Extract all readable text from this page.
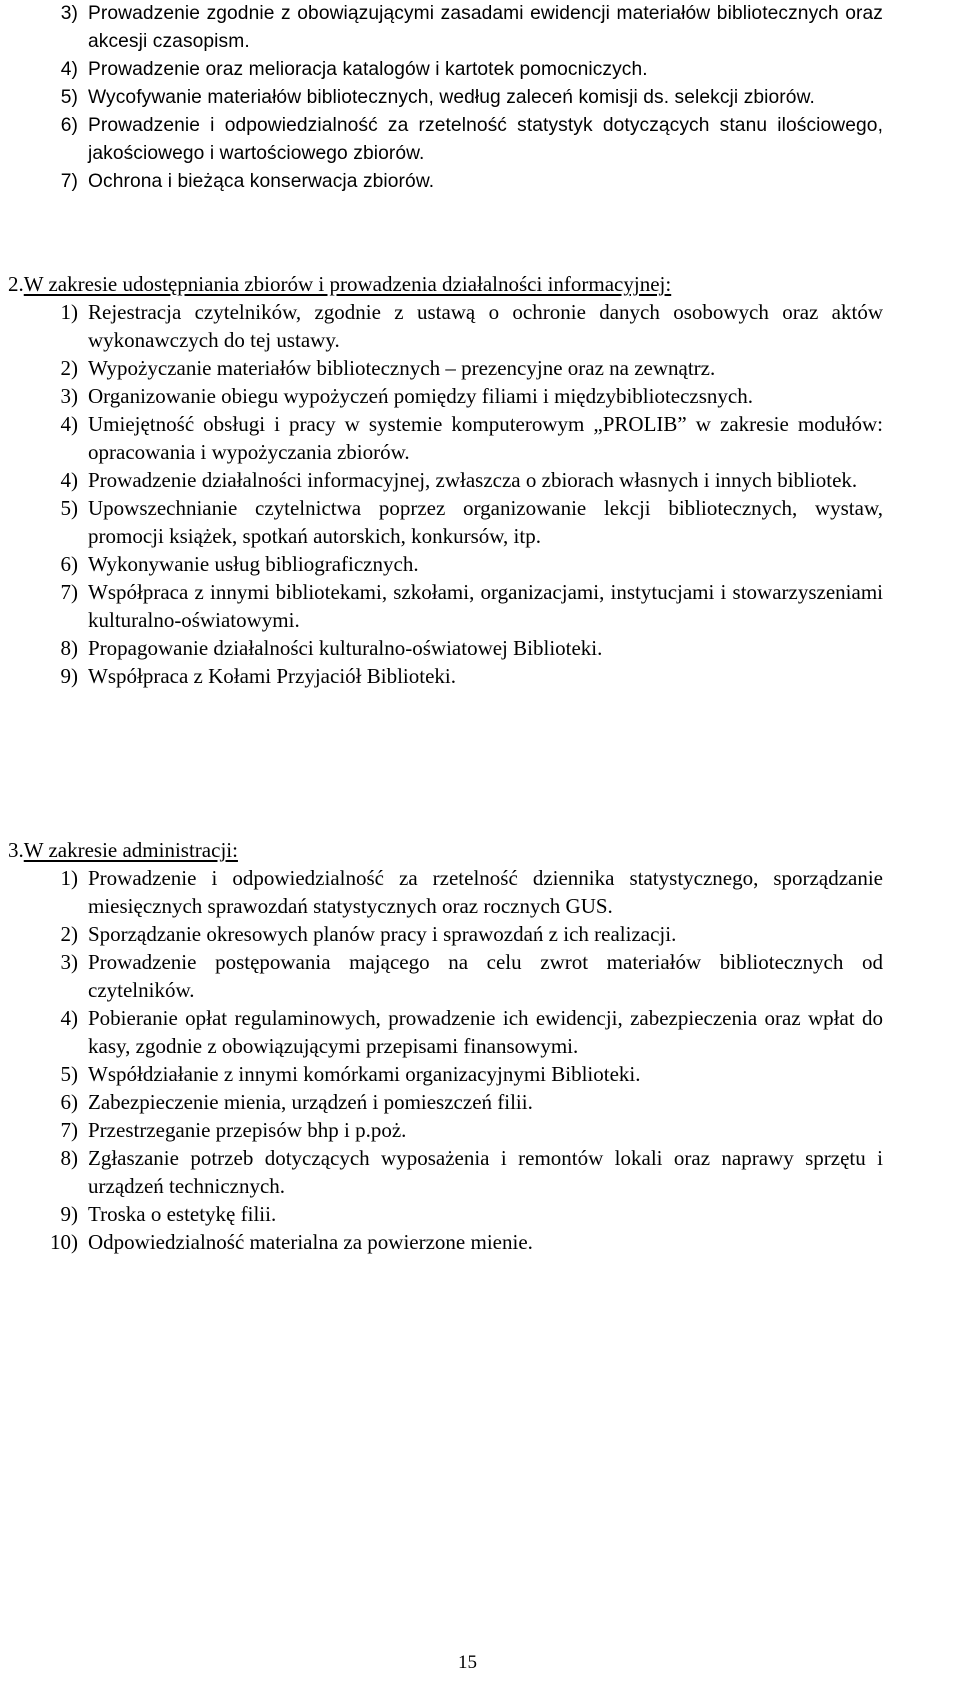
3) Prowadzenie zgodnie z obowiązującymi zasadami ewidencji materiałów bibliotecznych oraz akcesji czasopism.
4) Prowadzenie oraz melioracja katalogów i kartotek pomocniczych.
5) Wycofywanie materiałów bibliotecznych, według zaleceń komisji ds. selekcji zbiorów.
6) Prowadzenie i odpowiedzialność za rzetelność statystyk dotyczących stanu ilościowego, jakościowego i wartościowego zbiorów.
7) Ochrona i bieżąca konserwacja zbiorów.
2.W zakresie udostępniania zbiorów i prowadzenia działalności informacyjnej:
1) Rejestracja czytelników, zgodnie z ustawą o ochronie danych osobowych oraz aktów wykonawczych do tej ustawy.
2) Wypożyczanie materiałów bibliotecznych – prezencyjne oraz na zewnątrz.
3) Organizowanie obiegu wypożyczeń pomiędzy filiami i międzybiblioteczsnych.
4) Umiejętność obsługi i pracy w systemie komputerowym „PROLIB” w zakresie modułów: opracowania i wypożyczania zbiorów.
4) Prowadzenie działalności informacyjnej, zwłaszcza o zbiorach własnych i innych bibliotek.
5) Upowszechnianie czytelnictwa poprzez organizowanie lekcji bibliotecznych, wystaw, promocji książek, spotkań autorskich, konkursów, itp.
6) Wykonywanie usług bibliograficznych.
7) Współpraca z innymi bibliotekami, szkołami, organizacjami, instytucjami i stowarzyszeniami kulturalno-oświatowymi.
8) Propagowanie działalności kulturalno-oświatowej Biblioteki.
9) Współpraca z Kołami Przyjaciół Biblioteki.
3.W zakresie administracji:
1) Prowadzenie i odpowiedzialność za rzetelność dziennika statystycznego, sporządzanie miesięcznych sprawozdań statystycznych oraz rocznych GUS.
2) Sporządzanie okresowych planów pracy i sprawozdań z ich realizacji.
3) Prowadzenie postępowania mającego na celu zwrot materiałów bibliotecznych od czytelników.
4) Pobieranie opłat regulaminowych, prowadzenie ich ewidencji, zabezpieczenia oraz wpłat do kasy, zgodnie z obowiązującymi przepisami finansowymi.
5) Współdziałanie z innymi komórkami organizacyjnymi Biblioteki.
6) Zabezpieczenie mienia, urządzeń i pomieszczeń filii.
7) Przestrzeganie przepisów bhp i p.poż.
8) Zgłaszanie potrzeb dotyczących wyposażenia i remontów lokali oraz naprawy sprzętu i urządzeń technicznych.
9) Troska o estetykę filii.
10) Odpowiedzialność materialna za powierzone mienie.
15
